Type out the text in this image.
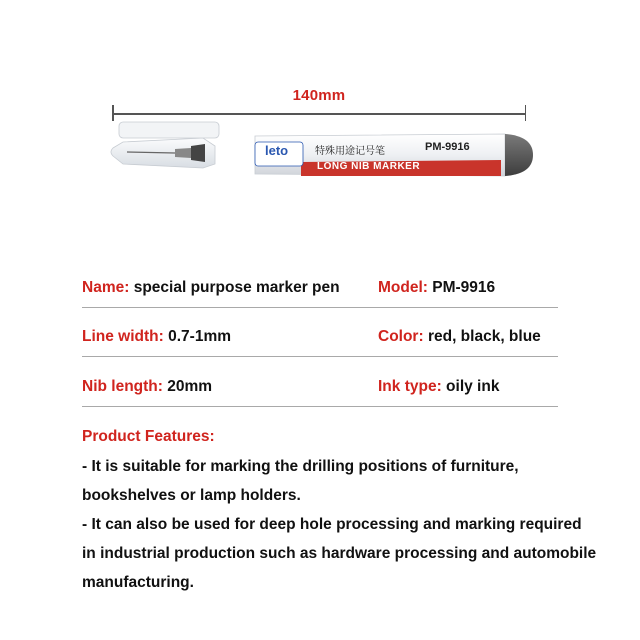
140mm
leto	特殊用途记号笔	PM-9916
LONG NIB MARKER
Name: special purpose marker pen Model: PM-9916
Line width: 0.7-1mm	Color: red, black, blue
Nib length: 20mm	Ink type: oily ink
Product Features:
- It is suitable for marking the drilling positions of furniture,
bookshelves or lamp holders.
- It can also be used for deep hole processing and marking required
in industrial production such as hardware processing and automobile
manufacturing.
